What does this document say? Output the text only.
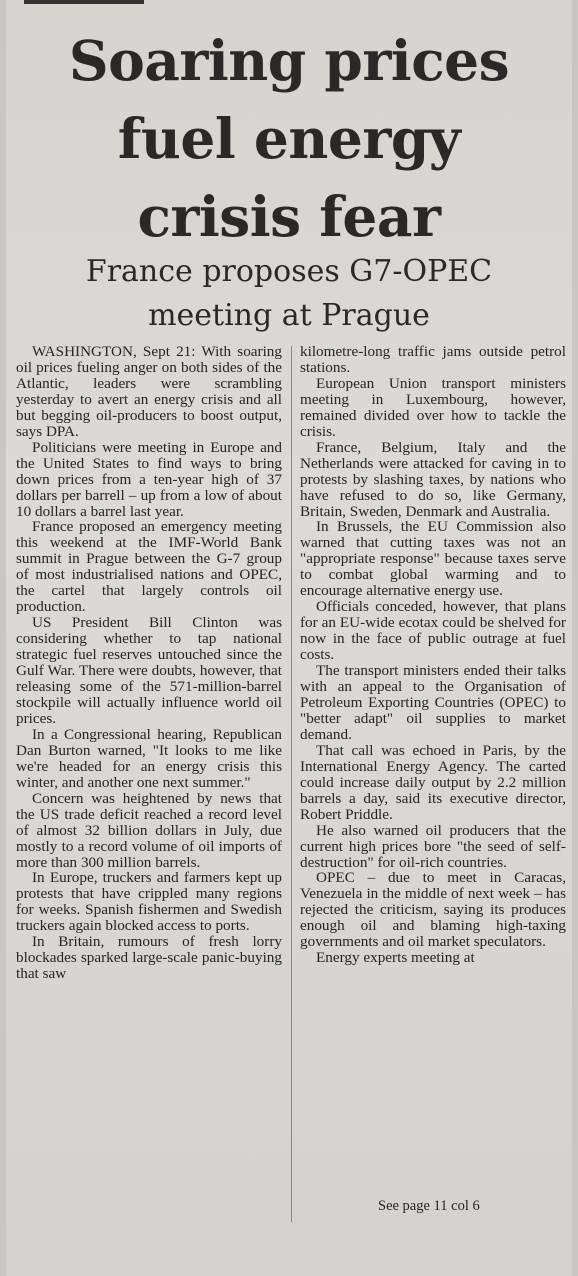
Soaring prices
fuel energy
crisis fear
France proposes G7-OPEC
meeting at Prague

WASHINGTON, Sept 21: With soaring oil prices fueling anger on both sides of the Atlantic, leaders were scrambling yesterday to avert an energy crisis and all but begging oil-producers to boost output, says DPA.

Politicians were meeting in Europe and the United States to find ways to bring down prices from a ten-year high of 37 dollars per barrell – up from a low of about 10 dollars a barrel last year.

France proposed an emergency meeting this weekend at the IMF-World Bank summit in Prague between the G-7 group of most industrialised nations and OPEC, the cartel that largely controls oil production.

US President Bill Clinton was considering whether to tap national strategic fuel reserves untouched since the Gulf War. There were doubts, however, that releasing some of the 571-million-barrel stockpile will actually influence world oil prices.

In a Congressional hearing, Republican Dan Burton warned, "It looks to me like we're headed for an energy crisis this winter, and another one next summer."

Concern was heightened by news that the US trade deficit reached a record level of almost 32 billion dollars in July, due mostly to a record volume of oil imports of more than 300 million barrels.

In Europe, truckers and farmers kept up protests that have crippled many regions for weeks. Spanish fishermen and Swedish truckers again blocked access to ports.

In Britain, rumours of fresh lorry blockades sparked large-scale panic-buying that saw

kilometre-long traffic jams outside petrol stations.

European Union transport ministers meeting in Luxembourg, however, remained divided over how to tackle the crisis.

France, Belgium, Italy and the Netherlands were attacked for caving in to protests by slashing taxes, by nations who have refused to do so, like Germany, Britain, Sweden, Denmark and Australia.

In Brussels, the EU Commission also warned that cutting taxes was not an "appropriate response" because taxes serve to combat global warming and to encourage alternative energy use.

Officials conceded, however, that plans for an EU-wide ecotax could be shelved for now in the face of public outrage at fuel costs.

The transport ministers ended their talks with an appeal to the Organisation of Petroleum Exporting Countries (OPEC) to "better adapt" oil supplies to market demand.

That call was echoed in Paris, by the International Energy Agency. The carted could increase daily output by 2.2 million barrels a day, said its executive director, Robert Priddle.

He also warned oil producers that the current high prices bore "the seed of self-destruction" for oil-rich countries.

OPEC – due to meet in Caracas, Venezuela in the middle of next week – has rejected the criticism, saying its produces enough oil and blaming high-taxing governments and oil market speculators.

Energy experts meeting at

See page 11 col 6
